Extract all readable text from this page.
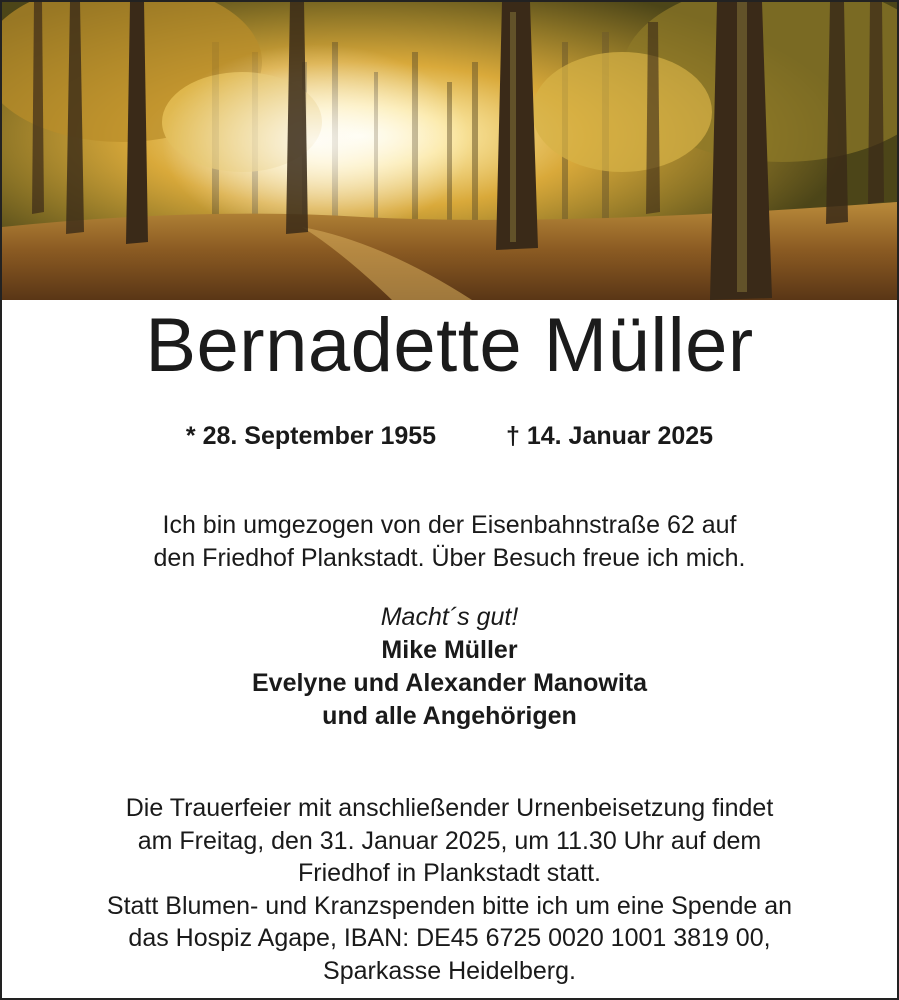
Bernadette Müller
* 28. September 1955	† 14. Januar 2025
Ich bin umgezogen von der Eisenbahnstraße 62 auf
den Friedhof Plankstadt. Über Besuch freue ich mich.
Macht´s gut!
Mike Müller
Evelyne und Alexander Manowita
und alle Angehörigen
Die Trauerfeier mit anschließender Urnenbeisetzung findet
am Freitag, den 31. Januar 2025, um 11.30 Uhr auf dem
Friedhof in Plankstadt statt.
Statt Blumen- und Kranzspenden bitte ich um eine Spende an
das Hospiz Agape, IBAN: DE45 6725 0020 1001 3819 00,
Sparkasse Heidelberg.
